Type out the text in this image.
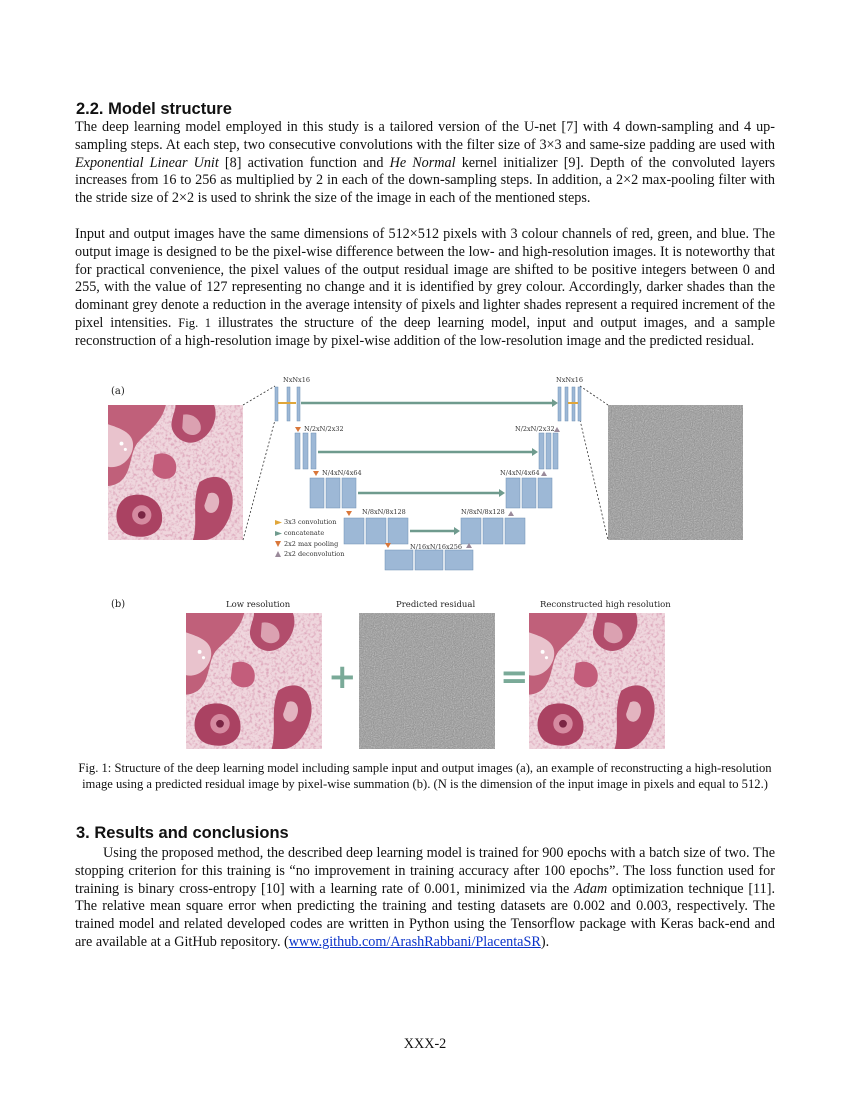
2.2. Model structure

The deep learning model employed in this study is a tailored version of the U-net [7] with 4 down-sampling and 4 up-sampling steps. At each step, two consecutive convolutions with the filter size of 3×3 and same-size padding are used with Exponential Linear Unit [8] activation function and He Normal kernel initializer [9]. Depth of the convoluted layers increases from 16 to 256 as multiplied by 2 in each of the down-sampling steps. In addition, a 2×2 max-pooling filter with the stride size of 2×2 is used to shrink the size of the image in each of the mentioned steps.

Input and output images have the same dimensions of 512×512 pixels with 3 colour channels of red, green, and blue. The output image is designed to be the pixel-wise difference between the low- and high-resolution images. It is noteworthy that for practical convenience, the pixel values of the output residual image are shifted to be positive integers between 0 and 255, with the value of 127 representing no change and it is identified by grey colour. Accordingly, darker shades than the dominant grey denote a reduction in the average intensity of pixels and lighter shades represent a required increment of the pixel intensities. Fig. 1 illustrates the structure of the deep learning model, input and output images, and a sample reconstruction of a high-resolution image by pixel-wise addition of the low-resolution image and the predicted residual.

(a)
NxNx16	NxNx16
N/2xN/2x32	N/2xN/2x32
N/4xN/4x64	N/4xN/4x64
N/8xN/8x128	N/8xN/8x128
N/16xN/16x256
3x3 convolution
concatenate
2x2 max pooling
2x2 deconvolution
(b)	Low resolution	Predicted residual	Reconstructed high resolution
+	=

Fig. 1: Structure of the deep learning model including sample input and output images (a), an example of reconstructing a high-resolution image using a predicted residual image by pixel-wise summation (b). (N is the dimension of the input image in pixels and equal to 512.)

3. Results and conclusions

Using the proposed method, the described deep learning model is trained for 900 epochs with a batch size of two. The stopping criterion for this training is “no improvement in training accuracy after 100 epochs”. The loss function used for training is binary cross-entropy [10] with a learning rate of 0.001, minimized via the Adam optimization technique [11]. The relative mean square error when predicting the training and testing datasets are 0.002 and 0.003, respectively. The trained model and related developed codes are written in Python using the Tensorflow package with Keras back-end and are available at a GitHub repository. (www.github.com/ArashRabbani/PlacentaSR).

XXX-2
